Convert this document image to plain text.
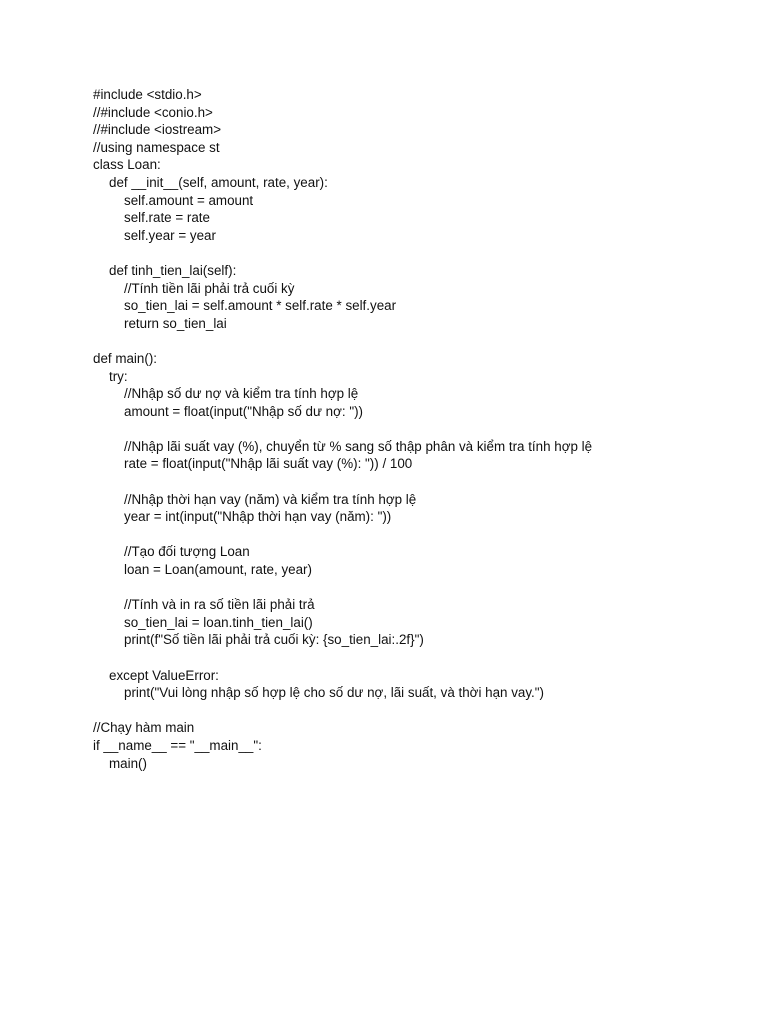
#include <stdio.h>
//#include <conio.h>
//#include <iostream>
//using namespace st
class Loan:
def __init__(self, amount, rate, year):
self.amount = amount
self.rate = rate
self.year = year
def tinh_tien_lai(self):
//Tính tiền lãi phải trả cuối kỳ
so_tien_lai = self.amount * self.rate * self.year
return so_tien_lai
def main():
try:
//Nhập số dư nợ và kiểm tra tính hợp lệ
amount = float(input("Nhập số dư nợ: "))
//Nhập lãi suất vay (%), chuyển từ % sang số thập phân và kiểm tra tính hợp lệ
rate = float(input("Nhập lãi suất vay (%): ")) / 100
//Nhập thời hạn vay (năm) và kiểm tra tính hợp lệ
year = int(input("Nhập thời hạn vay (năm): "))
//Tạo đối tượng Loan
loan = Loan(amount, rate, year)
//Tính và in ra số tiền lãi phải trả
so_tien_lai = loan.tinh_tien_lai()
print(f"Số tiền lãi phải trả cuối kỳ: {so_tien_lai:.2f}")
except ValueError:
print("Vui lòng nhập số hợp lệ cho số dư nợ, lãi suất, và thời hạn vay.")
//Chạy hàm main
if __name__ == "__main__":
main()
